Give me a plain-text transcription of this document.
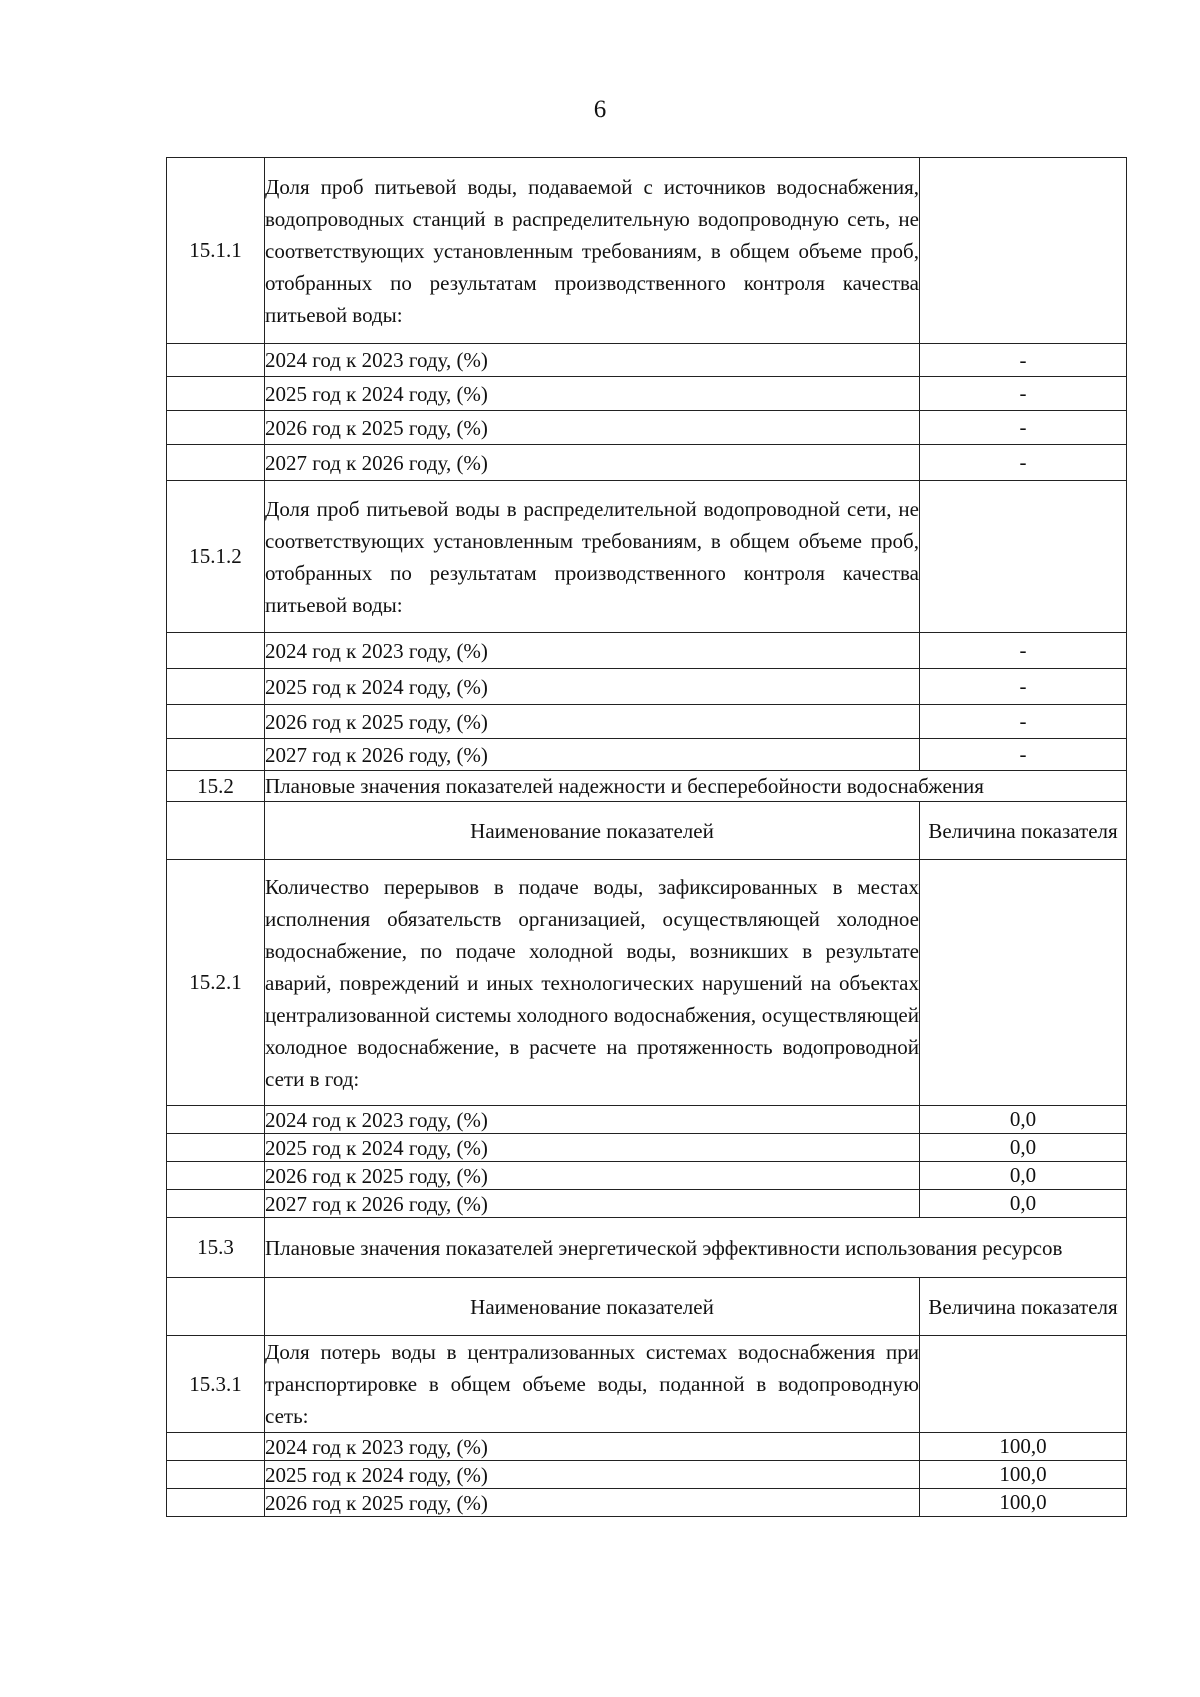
6
15.1.1	Доля проб питьевой воды, подаваемой с источников водоснабжения, водопроводных станций в распределительную водопроводную сеть, не соответствующих установленным требованиям, в общем объеме проб, отобранных по результатам производственного контроля качества питьевой воды:	
	2024 год к 2023 году, (%)	-
	2025 год к 2024 году, (%)	-
	2026 год к 2025 году, (%)	-
	2027 год к 2026 году, (%)	-
15.1.2	Доля проб питьевой воды в распределительной водопроводной сети, не соответствующих установленным требованиям, в общем объеме проб, отобранных по результатам производственного контроля качества питьевой воды:	
	2024 год к 2023 году, (%)	-
	2025 год к 2024 году, (%)	-
	2026 год к 2025 году, (%)	-
	2027 год к 2026 году, (%)	-
15.2	Плановые значения показателей надежности и бесперебойности водоснабжения	
	Наименование показателей	Величина показателя
15.2.1	Количество перерывов в подаче воды, зафиксированных в местах исполнения обязательств организацией, осуществляющей холодное водоснабжение, по подаче холодной воды, возникших в результате аварий, повреждений и иных технологических нарушений на объектах централизованной системы холодного водоснабжения, осуществляющей холодное водоснабжение, в расчете на протяженность водопроводной сети в год:	
	2024 год к 2023 году, (%)	0,0
	2025 год к 2024 году, (%)	0,0
	2026 год к 2025 году, (%)	0,0
	2027 год к 2026 году, (%)	0,0
15.3	Плановые значения показателей энергетической эффективности использования ресурсов	
	Наименование показателей	Величина показателя
15.3.1	Доля потерь воды в централизованных системах водоснабжения при транспортировке в общем объеме воды, поданной в водопроводную сеть:	
	2024 год к 2023 году, (%)	100,0
	2025 год к 2024 году, (%)	100,0
	2026 год к 2025 году, (%)	100,0
